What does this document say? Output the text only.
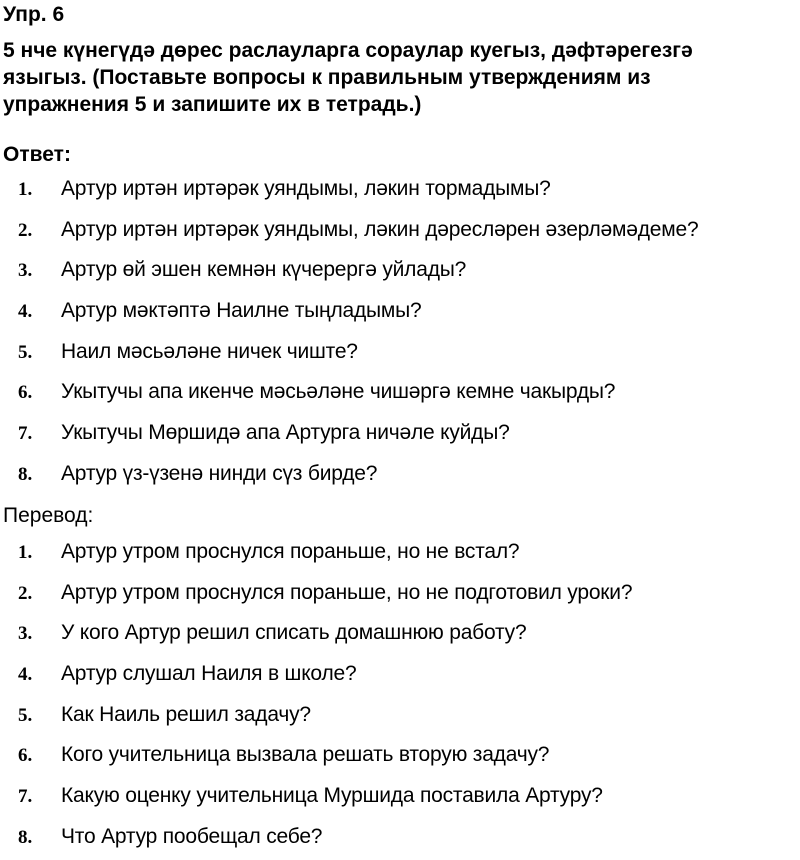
Упр. 6
5 нче күнегүдә дөрес раслауларга сораулар куегыз, дәфтәрегезгә
языгыз. (Поставьте вопросы к правильным утверждениям из
упражнения 5 и запишите их в тетрадь.)
Ответ:
1. Артур иртән иртәрәк уяндымы, ләкин тормадымы?
2. Артур иртән иртәрәк уяндымы, ләкин дәресләрен әзерләмәдеме?
3. Артур өй эшен кемнән күчерергә уйлады?
4. Артур мәктәптә Наилне тыңладымы?
5. Наил мәсьәләне ничек чиште?
6. Укытучы апа икенче мәсьәләне чишәргә кемне чакырды?
7. Укытучы Мөршидә апа Артурга ничәле куйды?
8. Артур үз-үзенә нинди сүз бирде?
Перевод:
1. Артур утром проснулся пораньше, но не встал?
2. Артур утром проснулся пораньше, но не подготовил уроки?
3. У кого Артур решил списать домашнюю работу?
4. Артур слушал Наиля в школе?
5. Как Наиль решил задачу?
6. Кого учительница вызвала решать вторую задачу?
7. Какую оценку учительница Муршида поставила Артуру?
8. Что Артур пообещал себе?
